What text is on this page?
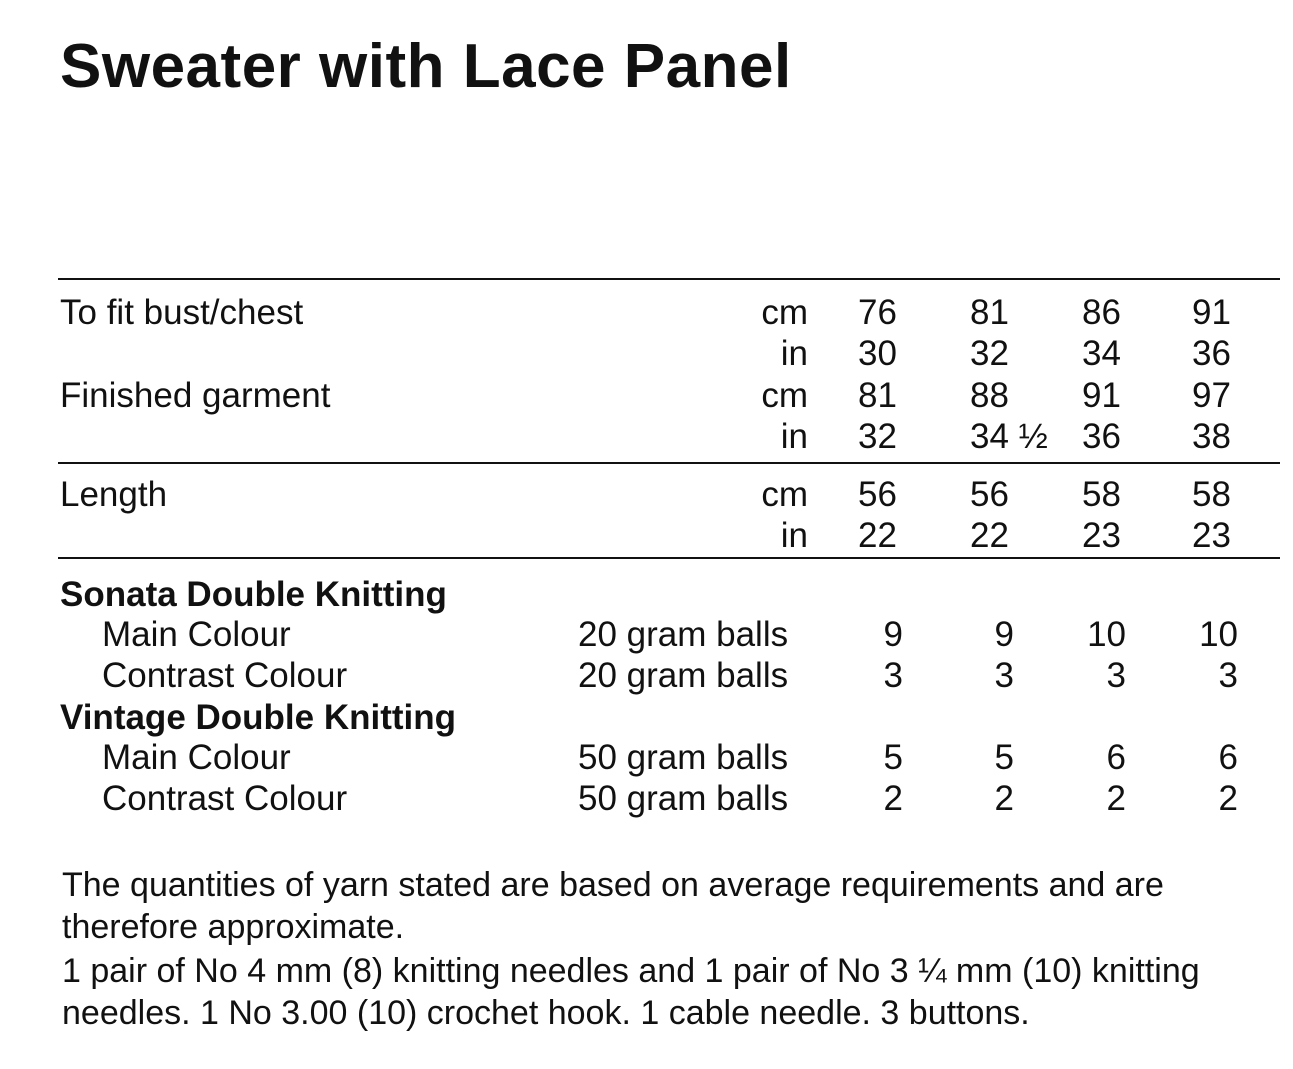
Sweater with Lace Panel
To fit bust/chest	cm 76 81 86 91
in 30 32 34 36
Finished garment	cm 81 88 91 97
in 32 34 ½ 36 38
Length	cm 56 56 58 58
in 22 22 23 23
Sonata Double Knitting
Main Colour	20 gram balls	9	9 10 10
Contrast Colour	20 gram balls	3	3	3	3
Vintage Double Knitting
Main Colour	50 gram balls	5	5	6	6
Contrast Colour	50 gram balls	2	2	2	2

The quantities of yarn stated are based on average requirements and are therefore approximate.

1 pair of No 4 mm (8) knitting needles and 1 pair of No 3 ¼ mm (10) knitting needles. 1 No 3.00 (10) crochet hook. 1 cable needle. 3 buttons.
